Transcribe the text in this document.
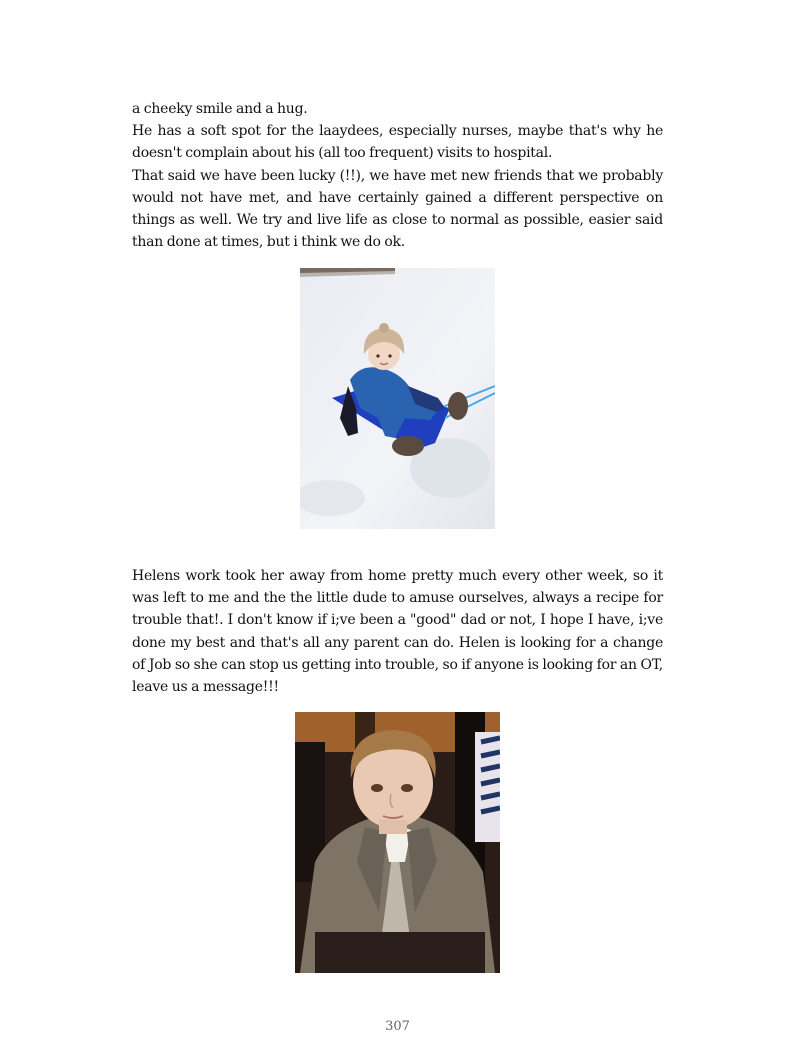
a cheeky smile and a hug.

He has a soft spot for the laaydees, especially nurses, maybe that's why he doesn't complain about his (all too frequent) visits to hospital.

That said we have been lucky (!!), we have met new friends that we probably would not have met, and have certainly gained a different perspective on things as well. We try and live life as close to normal as possible, easier said than done at times, but i think we do ok.

Helens work took her away from home pretty much every other week, so it was left to me and the the little dude to amuse ourselves, always a recipe for trouble that!. I don't know if i;ve been a "good" dad or not, I hope I have, i;ve done my best and that's all any parent can do. Helen is looking for a change of Job so she can stop us getting into trouble, so if anyone is looking for an OT, leave us a message!!!

307
